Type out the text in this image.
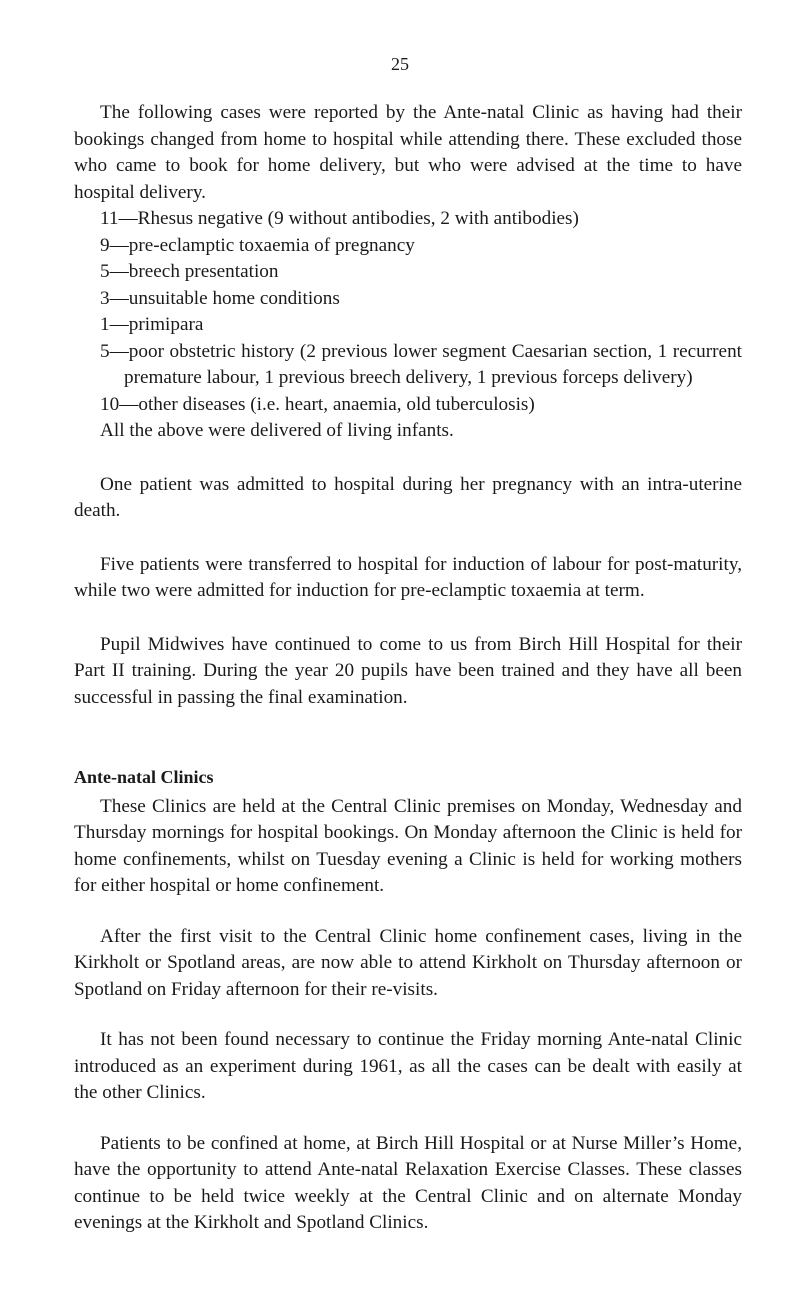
25

The following cases were reported by the Ante-natal Clinic as having had their bookings changed from home to hospital while attending there. These excluded those who came to book for home delivery, but who were advised at the time to have hospital delivery.

11—Rhesus negative (9 without antibodies, 2 with antibodies)
9—pre-eclamptic toxaemia of pregnancy
5—breech presentation
3—unsuitable home conditions
1—primipara
5—poor obstetric history (2 previous lower segment Caesarian section, 1 recurrent premature labour, 1 previous breech delivery, 1 previous forceps delivery)
10—other diseases (i.e. heart, anaemia, old tuberculosis)

All the above were delivered of living infants.

One patient was admitted to hospital during her pregnancy with an intra-uterine death.

Five patients were transferred to hospital for induction of labour for post-maturity, while two were admitted for induction for pre-eclamptic toxaemia at term.

Pupil Midwives have continued to come to us from Birch Hill Hospital for their Part II training. During the year 20 pupils have been trained and they have all been successful in passing the final examination.

Ante-natal Clinics

These Clinics are held at the Central Clinic premises on Monday, Wednesday and Thursday mornings for hospital bookings. On Monday afternoon the Clinic is held for home confinements, whilst on Tuesday evening a Clinic is held for working mothers for either hospital or home confinement.

After the first visit to the Central Clinic home confinement cases, living in the Kirkholt or Spotland areas, are now able to attend Kirkholt on Thursday afternoon or Spotland on Friday afternoon for their re-visits.

It has not been found necessary to continue the Friday morning Ante-natal Clinic introduced as an experiment during 1961, as all the cases can be dealt with easily at the other Clinics.

Patients to be confined at home, at Birch Hill Hospital or at Nurse Miller’s Home, have the opportunity to attend Ante-natal Relaxation Exercise Classes. These classes continue to be held twice weekly at the Central Clinic and on alternate Monday evenings at the Kirkholt and Spotland Clinics.
